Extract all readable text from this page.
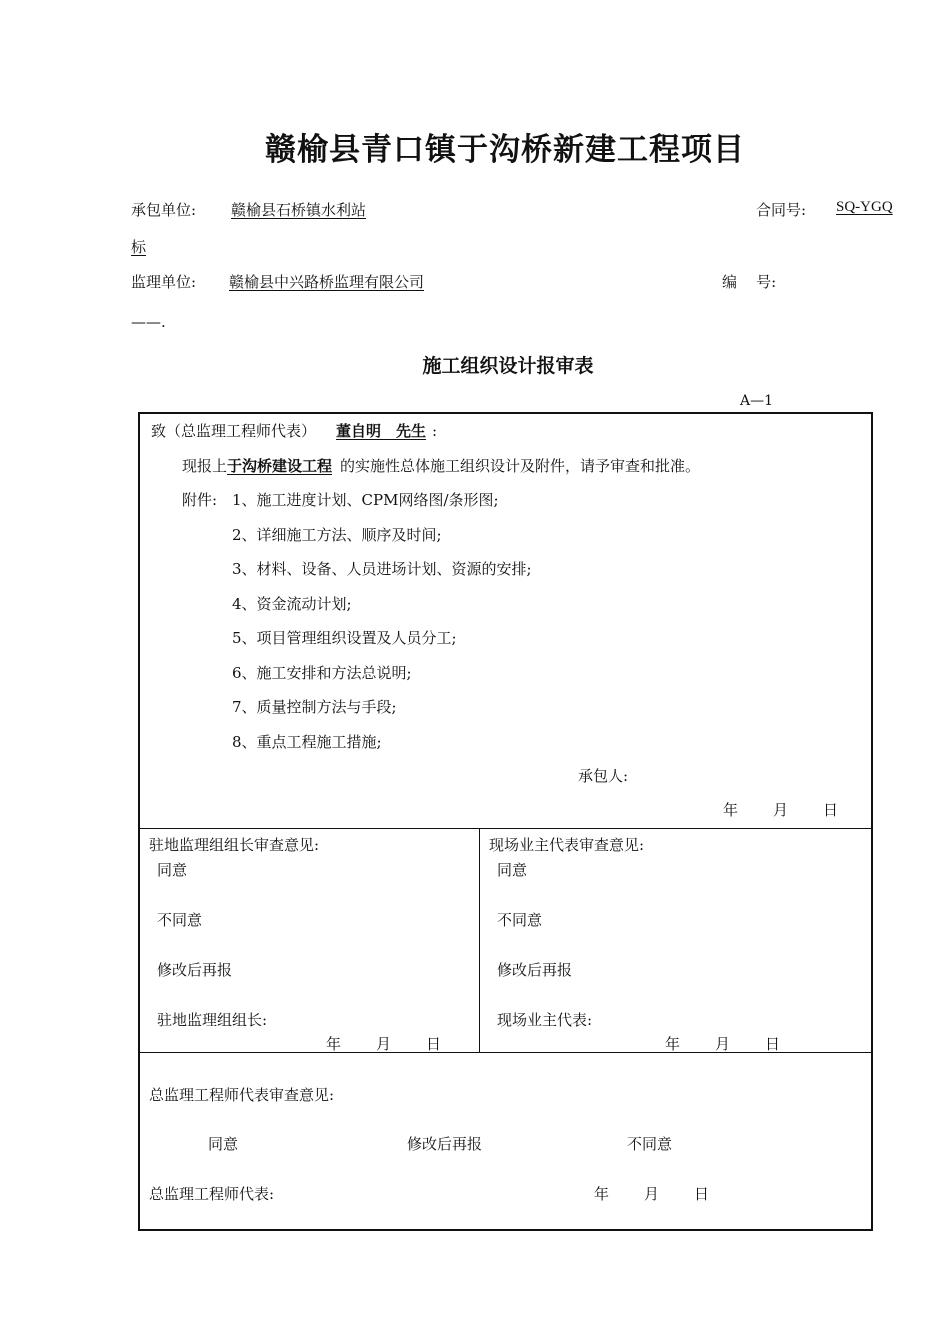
赣榆县青口镇于沟桥新建工程项目
承包单位:	赣榆县石桥镇水利站	合同号:	SQ-YGQ
标
监理单位:	赣榆县中兴路桥监理有限公司	编    号:
——.
施工组织设计报审表
A—1
致（总监理工程师代表） 董自明　先生 :
现报上于沟桥建设工程 的实施性总体施工组织设计及附件，请予审查和批准。
附件: 1、施工进度计划、CPM网络图/条形图;
2、详细施工方法、顺序及时间;
3、材料、设备、人员进场计划、资源的安排;
4、资金流动计划;
5、项目管理组织设置及人员分工;
6、施工安排和方法总说明;
7、质量控制方法与手段;
8、重点工程施工措施;
承包人:
年 月 日
驻地监理组组长审查意见:
同意
不同意
修改后再报
驻地监理组组长:
年 月 日
现场业主代表审查意见:
同意
不同意
修改后再报
现场业主代表:
年 月 日
总监理工程师代表审查意见:
同意	修改后再报	不同意
总监理工程师代表:	年 月 日
